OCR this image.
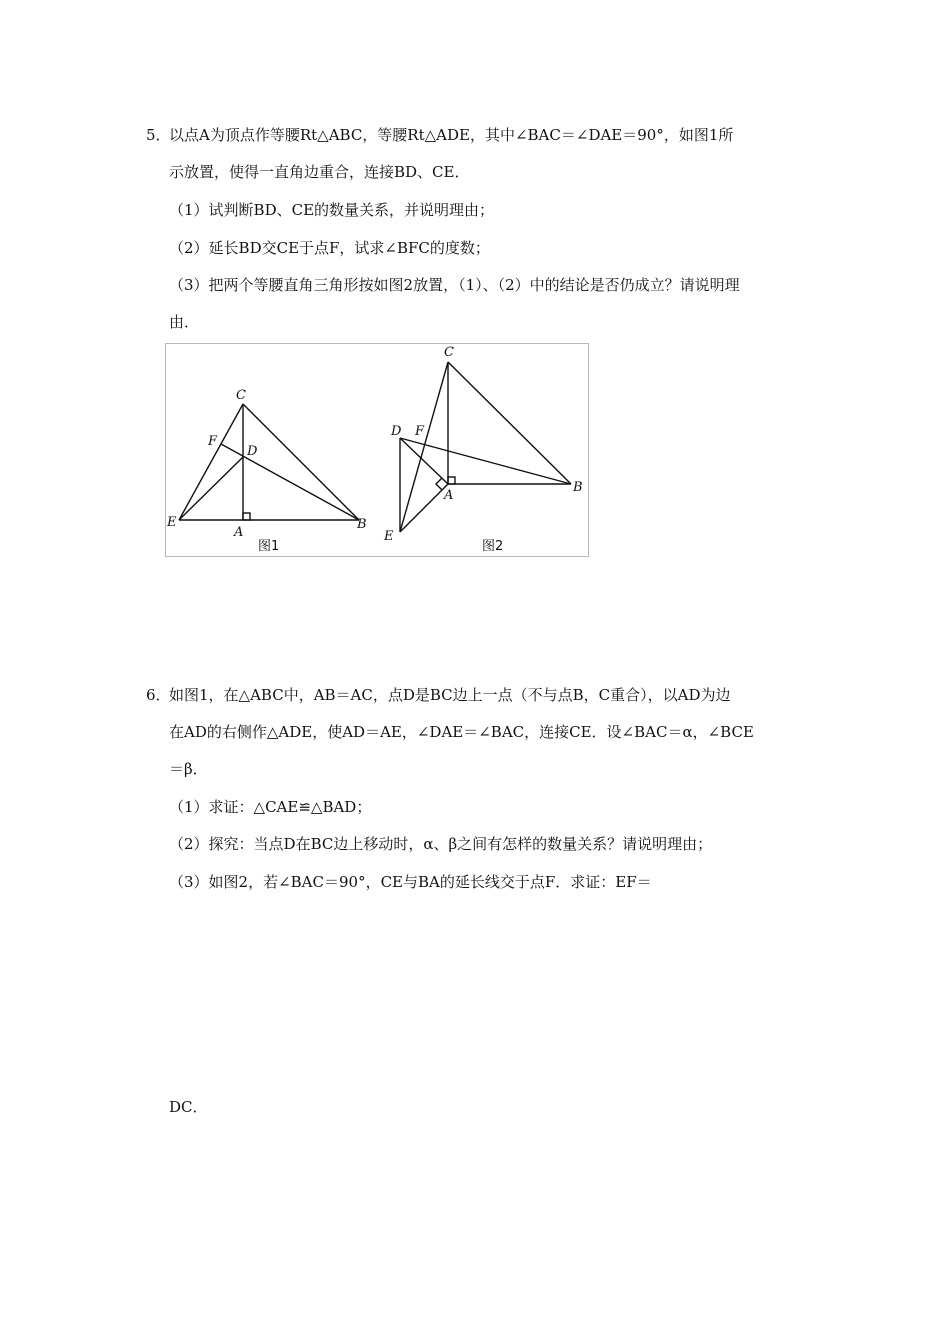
5．
以点A为顶点作等腰Rt△ABC，等腰Rt△ADE，其中∠BAC＝∠DAE＝90°，如图1所
示放置，使得一直角边重合，连接BD、CE．
（1）试判断BD、CE的数量关系，并说明理由；
（2）延长BD交CE于点F，试求∠BFC的度数；
（3）把两个等腰直角三角形按如图2放置，（1）、（2）中的结论是否仍成立？请说明理
由．
C
F
D
E
A
B
图1
C
D F
A
B
E
图2
6．
如图1，在△ABC中，AB＝AC，点D是BC边上一点（不与点B，C重合），以AD为边
在AD的右侧作△ADE，使AD＝AE，∠DAE＝∠BAC，连接CE．设∠BAC＝α，∠BCE
＝β．
（1）求证：△CAE≌△BAD；
（2）探究：当点D在BC边上移动时，α、β之间有怎样的数量关系？请说明理由；
（3）如图2，若∠BAC＝90°，CE与BA的延长线交于点F．求证：EF＝
DC．
